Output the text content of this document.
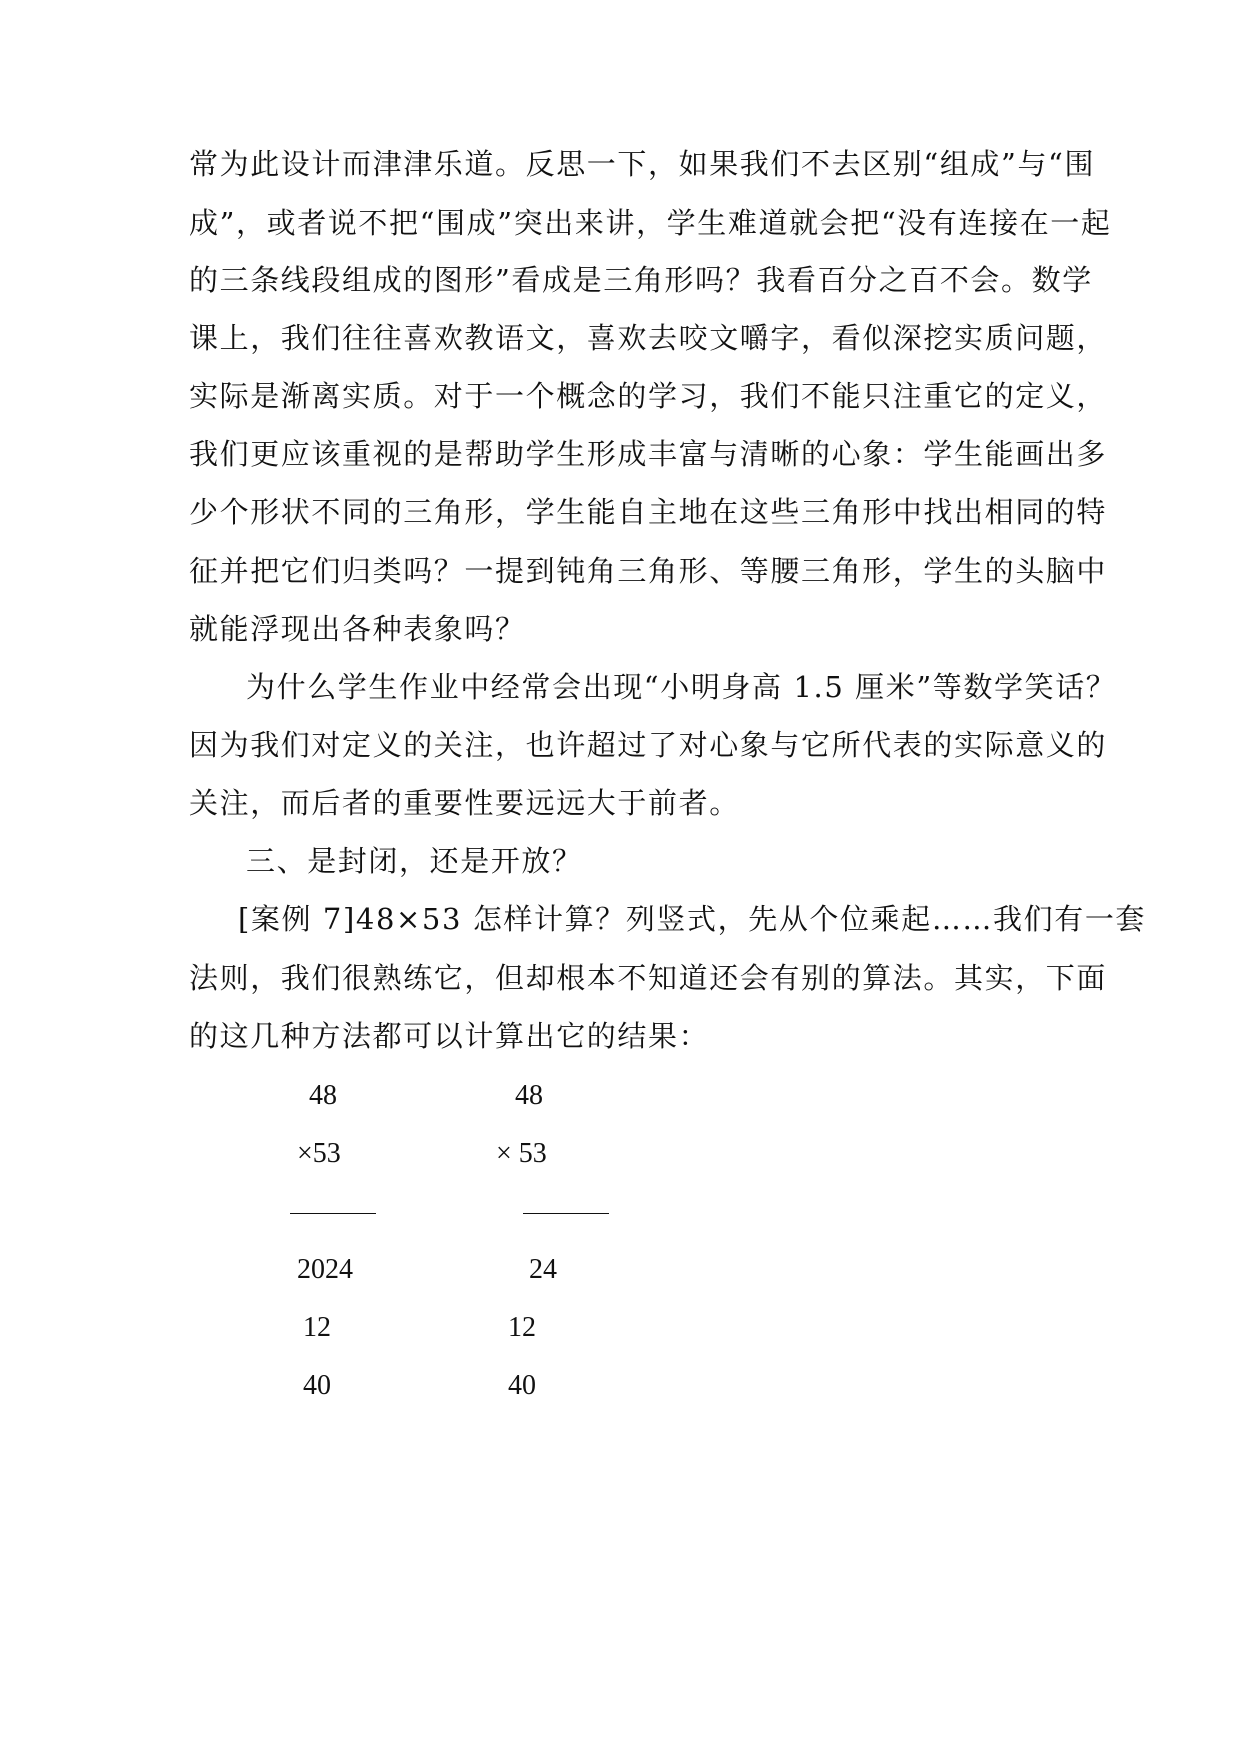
常为此设计而津津乐道。反思一下，如果我们不去区别“组成”与“围
成”，或者说不把“围成”突出来讲，学生难道就会把“没有连接在一起
的三条线段组成的图形”看成是三角形吗？我看百分之百不会。数学
课上，我们往往喜欢教语文，喜欢去咬文嚼字，看似深挖实质问题，
实际是渐离实质。对于一个概念的学习，我们不能只注重它的定义，
我们更应该重视的是帮助学生形成丰富与清晰的心象：学生能画出多
少个形状不同的三角形，学生能自主地在这些三角形中找出相同的特
征并把它们归类吗？一提到钝角三角形、等腰三角形，学生的头脑中
就能浮现出各种表象吗？
为什么学生作业中经常会出现“小明身高 1.5 厘米”等数学笑话？
因为我们对定义的关注，也许超过了对心象与它所代表的实际意义的
关注，而后者的重要性要远远大于前者。
三、是封闭，还是开放？
[案例 7]48×53 怎样计算？列竖式，先从个位乘起……我们有一套
法则，我们很熟练它，但却根本不知道还会有别的算法。其实，下面
的这几种方法都可以计算出它的结果：
48
×53
2024
12
40
48
× 53
24
12
40
